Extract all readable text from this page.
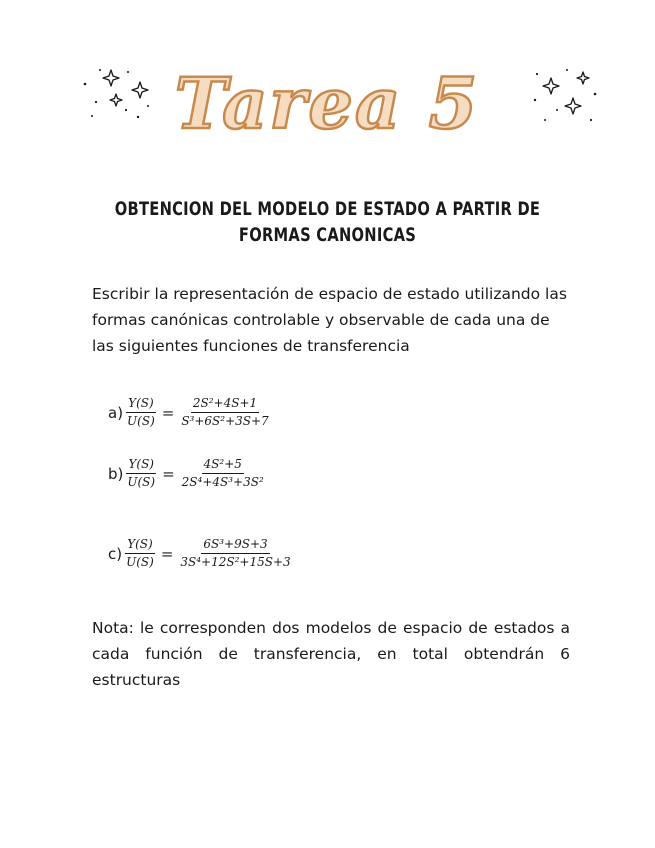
Tarea 5
OBTENCION DEL MODELO DE ESTADO A PARTIR DE FORMAS CANONICAS
Escribir la representación de espacio de estado utilizando las formas canónicas controlable y observable de cada una de las siguientes funciones de transferencia
$a) \frac{Y(S)}{U(S)} = \frac{\text{2S²+4S+1}}{\text{S³+6S²+3S+7}}$
$b) \frac{Y(S)}{U(S)} = \frac{\text{4S²+5}}{\text{2S⁴+4S³+3S²}}$
$c) \frac{Y(S)}{U(S)} = \frac{\text{6S³+9S+3}}{\text{3S⁴+12S²+15S+3}}$
Nota: le corresponden dos modelos de espacio de estados a cada función de transferencia, en total obtendrán 6 estructuras
